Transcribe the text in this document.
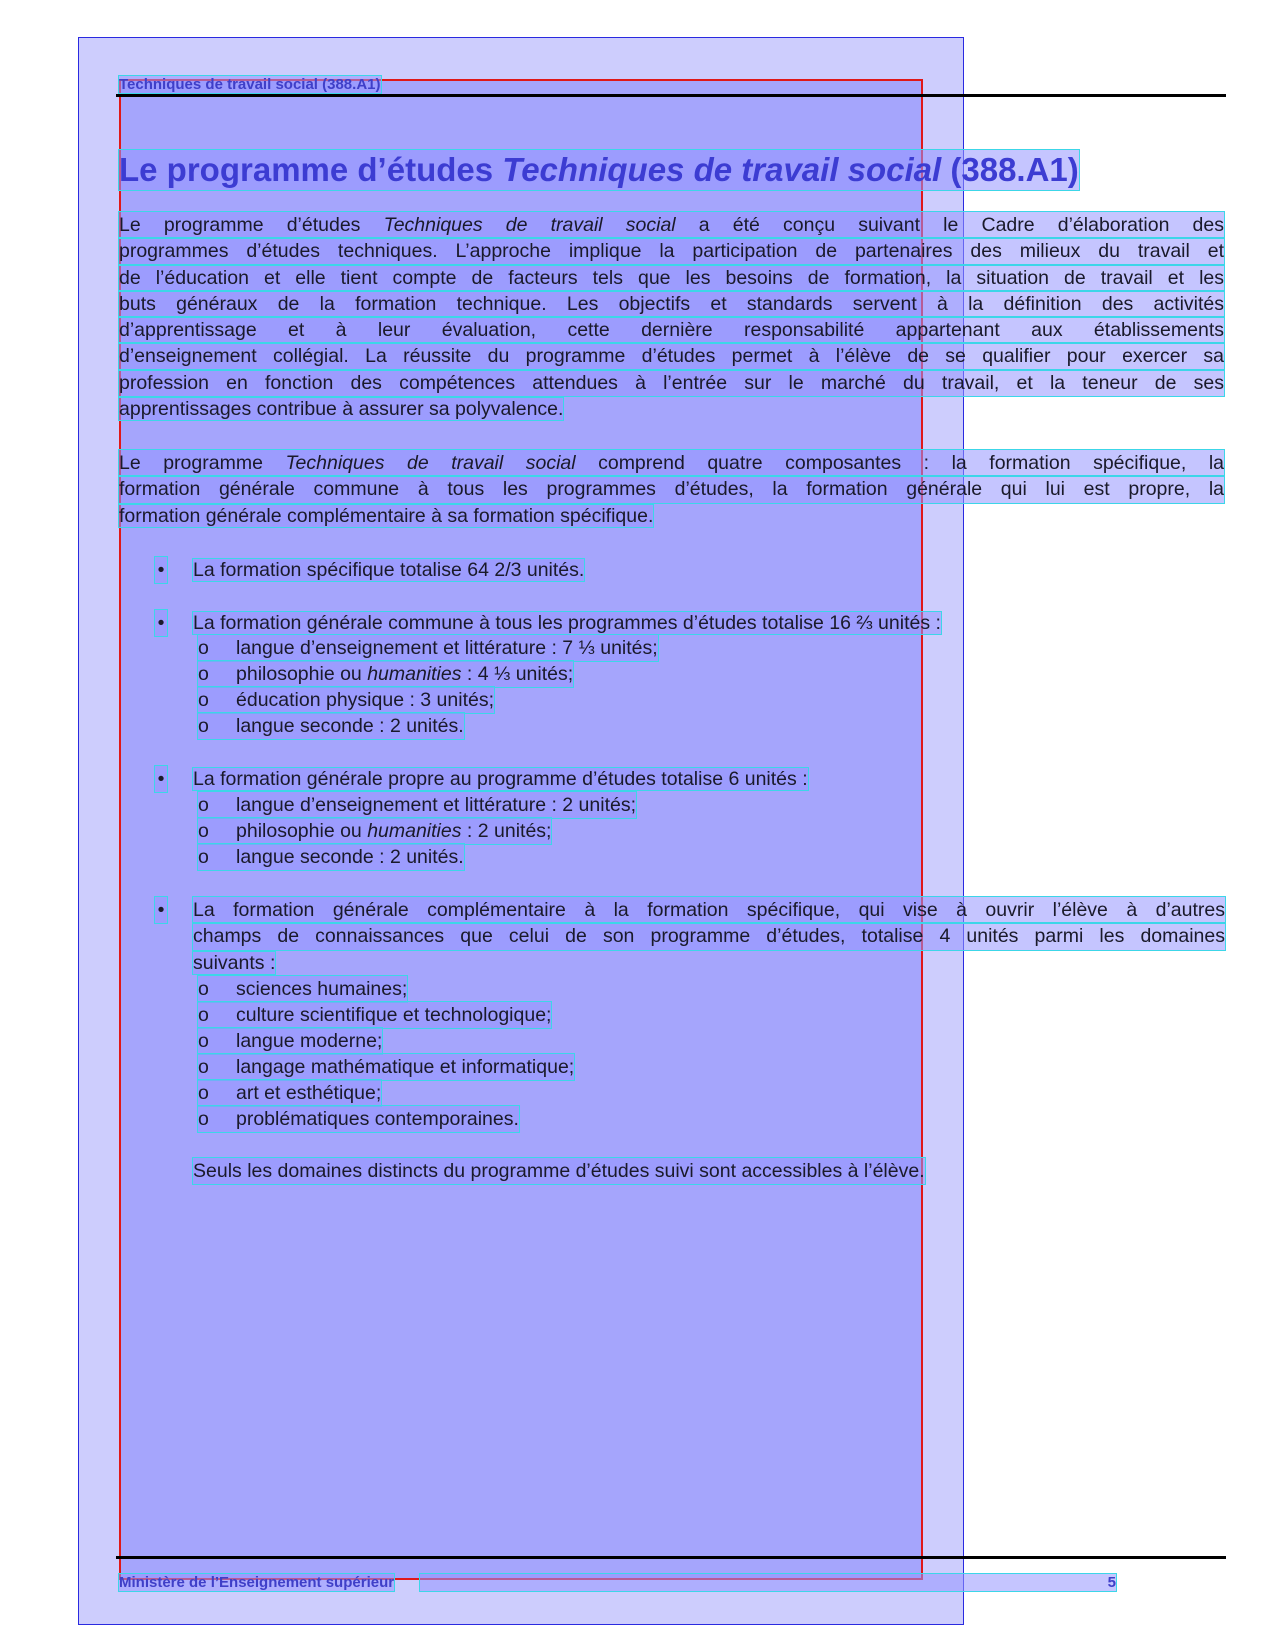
Techniques de travail social (388.A1)
Le programme d’études Techniques de travail social (388.A1)
Le programme d’études Techniques de travail social a été conçu suivant le Cadre d’élaboration des
programmes d’études techniques. L’approche implique la participation de partenaires des milieux du travail et
de l’éducation et elle tient compte de facteurs tels que les besoins de formation, la situation de travail et les
buts généraux de la formation technique. Les objectifs et standards servent à la définition des activités
d’apprentissage et à leur évaluation, cette dernière responsabilité appartenant aux établissements
d’enseignement collégial. La réussite du programme d’études permet à l’élève de se qualifier pour exercer sa
profession en fonction des compétences attendues à l’entrée sur le marché du travail, et la teneur de ses
apprentissages contribue à assurer sa polyvalence.
Le programme Techniques de travail social comprend quatre composantes : la formation spécifique, la
formation générale commune à tous les programmes d’études, la formation générale qui lui est propre, la
formation générale complémentaire à sa formation spécifique.
• La formation spécifique totalise 64 2/3 unités.
• La formation générale commune à tous les programmes d’études totalise 16 ⅔ unités :
o langue d’enseignement et littérature : 7 ⅓ unités;
o philosophie ou humanities : 4 ⅓ unités;
o éducation physique : 3 unités;
o langue seconde : 2 unités.
• La formation générale propre au programme d’études totalise 6 unités :
o langue d’enseignement et littérature : 2 unités;
o philosophie ou humanities : 2 unités;
o langue seconde : 2 unités.
• La formation générale complémentaire à la formation spécifique, qui vise à ouvrir l’élève à d’autres
champs de connaissances que celui de son programme d’études, totalise 4 unités parmi les domaines
suivants :
o sciences humaines;
o culture scientifique et technologique;
o langue moderne;
o langage mathématique et informatique;
o art et esthétique;
o problématiques contemporaines.
Seuls les domaines distincts du programme d’études suivi sont accessibles à l’élève.
Ministère de l’Enseignement supérieur	5
